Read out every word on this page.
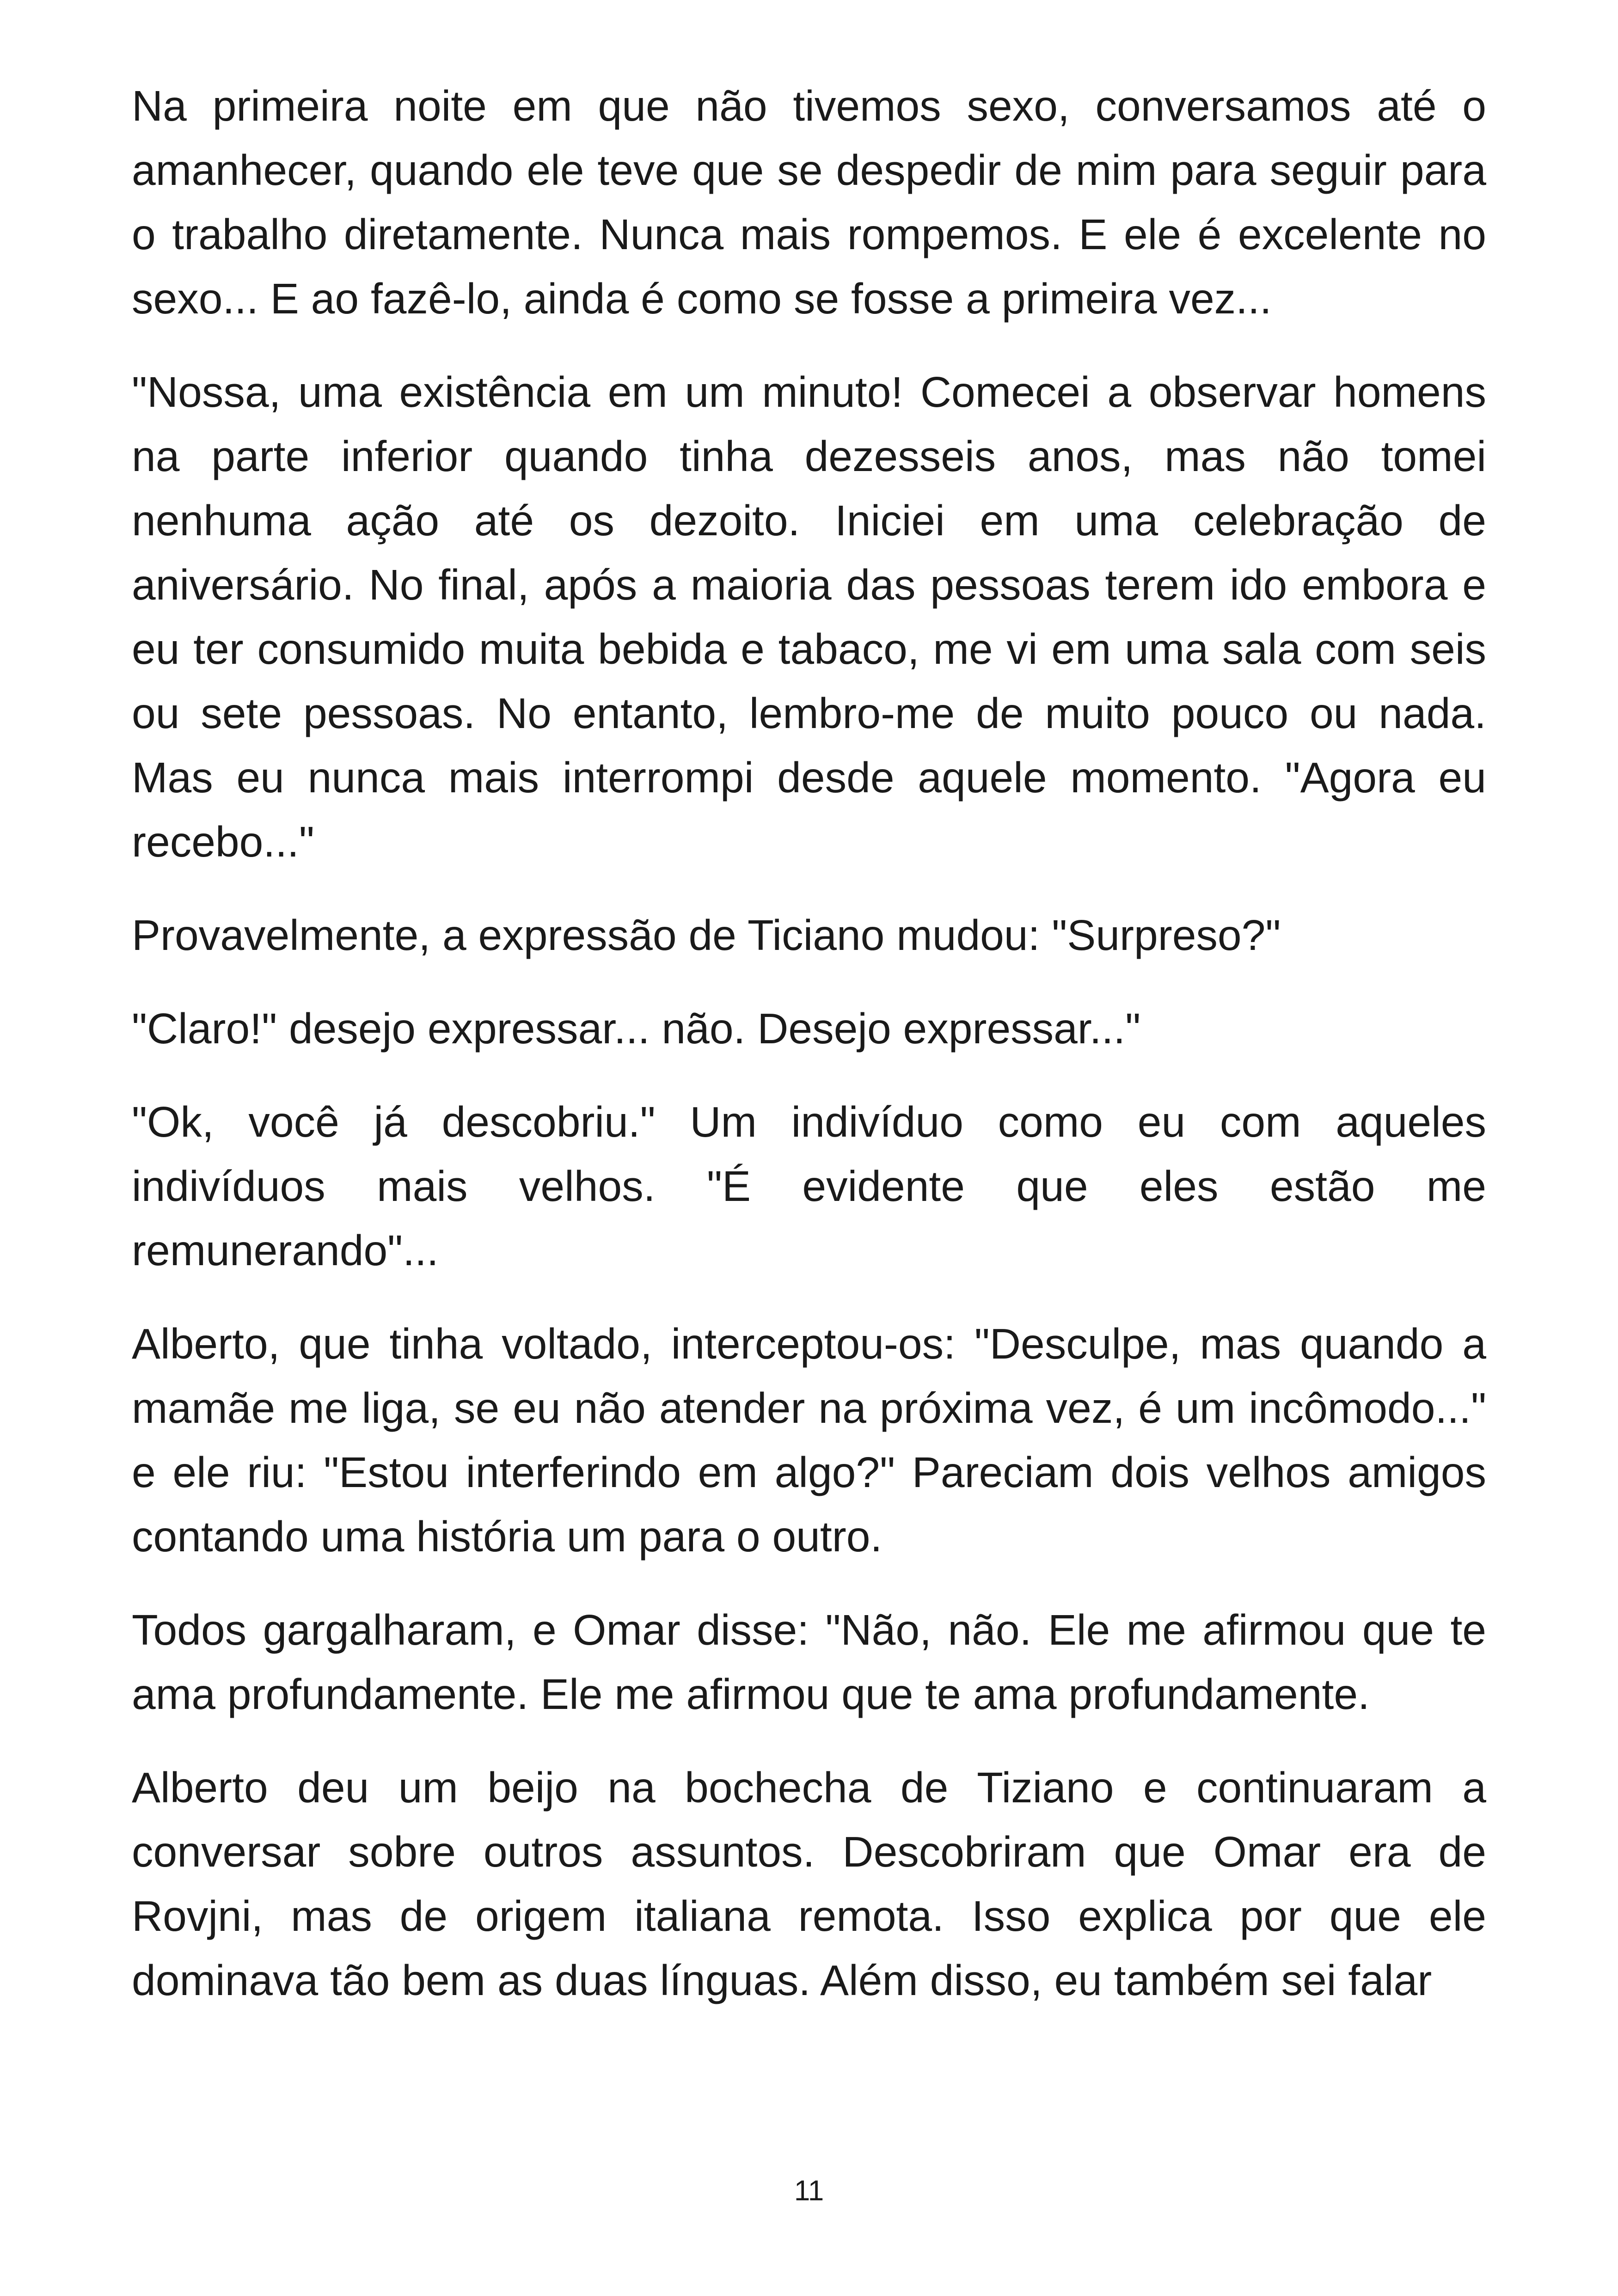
Na primeira noite em que não tivemos sexo, conversamos até o amanhecer, quando ele teve que se despedir de mim para seguir para o trabalho diretamente. Nunca mais rompemos. E ele é excelente no sexo... E ao fazê-lo, ainda é como se fosse a primeira vez...

"Nossa, uma existência em um minuto! Comecei a observar homens na parte inferior quando tinha dezesseis anos, mas não tomei nenhuma ação até os dezoito. Iniciei em uma celebração de aniversário. No final, após a maioria das pessoas terem ido embora e eu ter consumido muita bebida e tabaco, me vi em uma sala com seis ou sete pessoas. No entanto, lembro-me de muito pouco ou nada. Mas eu nunca mais interrompi desde aquele momento. "Agora eu recebo..."

Provavelmente, a expressão de Ticiano mudou: "Surpreso?"

"Claro!" desejo expressar... não. Desejo expressar..."

"Ok, você já descobriu." Um indivíduo como eu com aqueles indivíduos mais velhos. "É evidente que eles estão me remunerando"...

Alberto, que tinha voltado, interceptou-os: "Desculpe, mas quando a mamãe me liga, se eu não atender na próxima vez, é um incômodo..." e ele riu: "Estou interferindo em algo?" Pareciam dois velhos amigos contando uma história um para o outro.

Todos gargalharam, e Omar disse: "Não, não. Ele me afirmou que te ama profundamente. Ele me afirmou que te ama profundamente.

Alberto deu um beijo na bochecha de Tiziano e continuaram a conversar sobre outros assuntos. Descobriram que Omar era de Rovjni, mas de origem italiana remota. Isso explica por que ele dominava tão bem as duas línguas. Além disso, eu também sei falar

11
